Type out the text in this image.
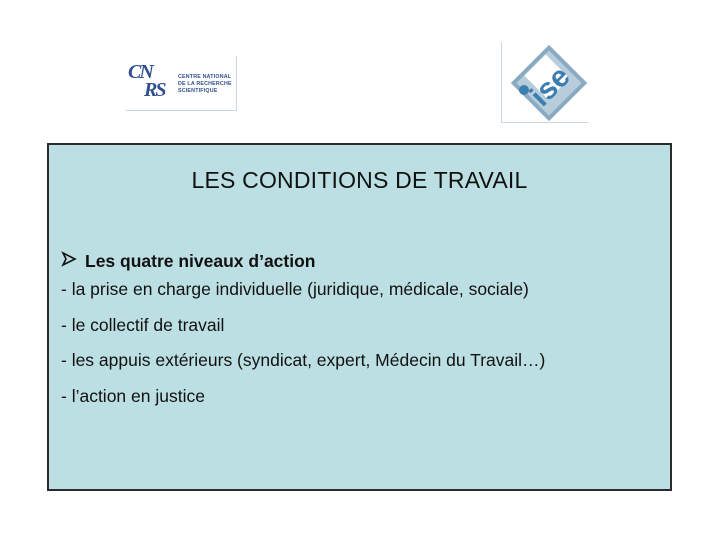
CN
RS
CENTRE NATIONAL
DE LA RECHERCHE
SCIENTIFIQUE	ise
LES CONDITIONS DE TRAVAIL
Les quatre niveaux d’action
- la prise en charge individuelle (juridique, médicale, sociale)
- le collectif de travail
- les appuis extérieurs (syndicat, expert, Médecin du Travail…)
- l’action en justice
